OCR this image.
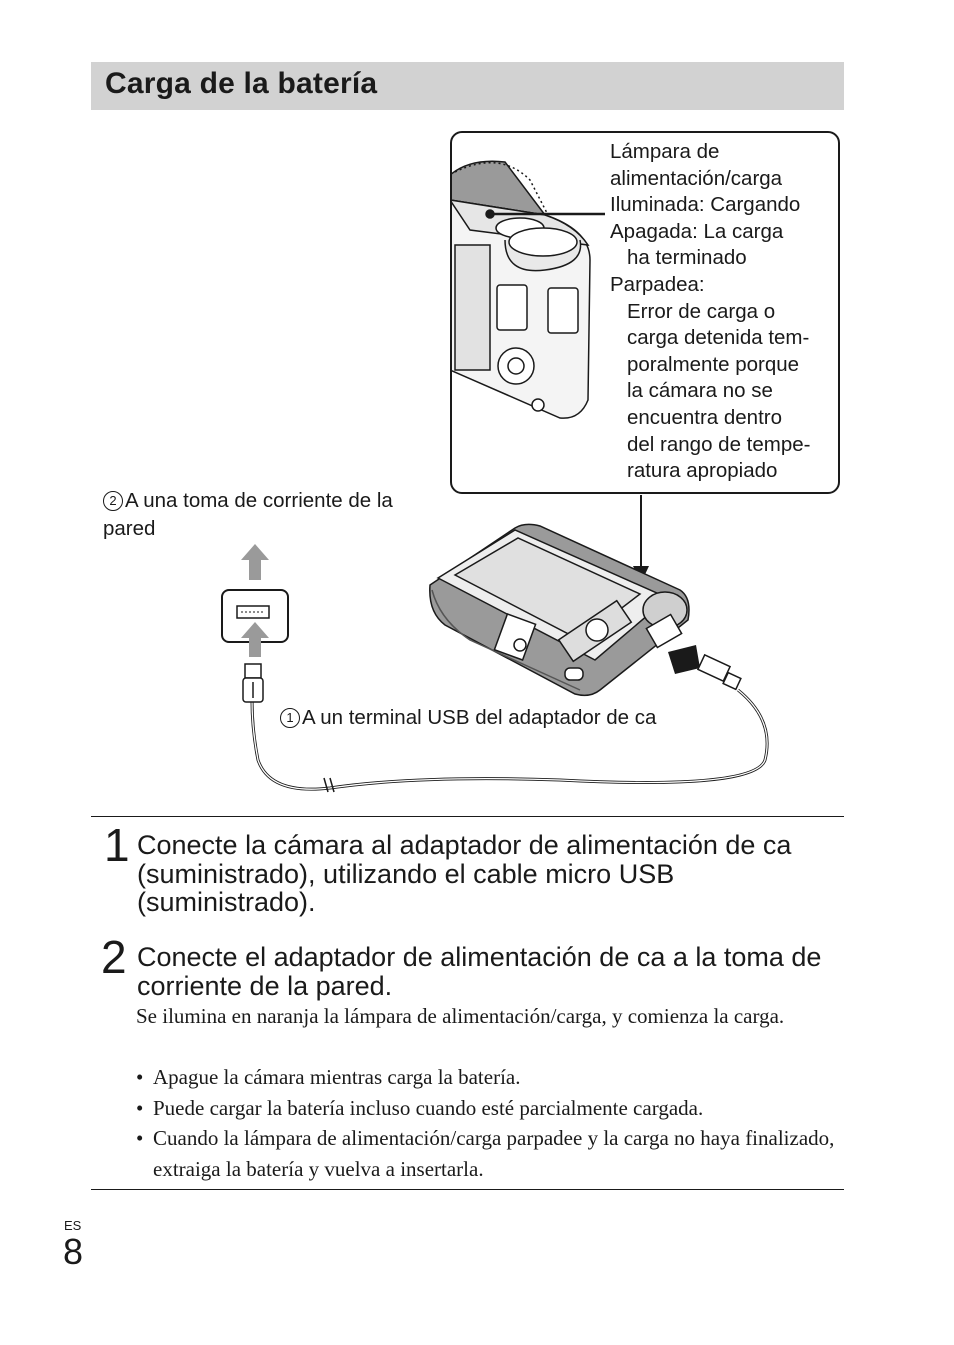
Carga de la batería
Lámpara de
alimentación/carga
Iluminada: Cargando
Apagada: La carga
ha terminado
Parpadea:
Error de carga o
carga detenida tem-
poralmente porque
la cámara no se
encuentra dentro
del rango de tempe-
ratura apropiado
2 A una toma de corriente de la pared
1 A un terminal USB del adaptador de ca
1 Conecte la cámara al adaptador de alimentación de ca (suministrado), utilizando el cable micro USB (suministrado).
2 Conecte el adaptador de alimentación de ca a la toma de corriente de la pared.
Se ilumina en naranja la lámpara de alimentación/carga, y comienza la carga.
• Apague la cámara mientras carga la batería.
• Puede cargar la batería incluso cuando esté parcialmente cargada.
• Cuando la lámpara de alimentación/carga parpadee y la carga no haya finalizado, extraiga la batería y vuelva a insertarla.
ES
8
